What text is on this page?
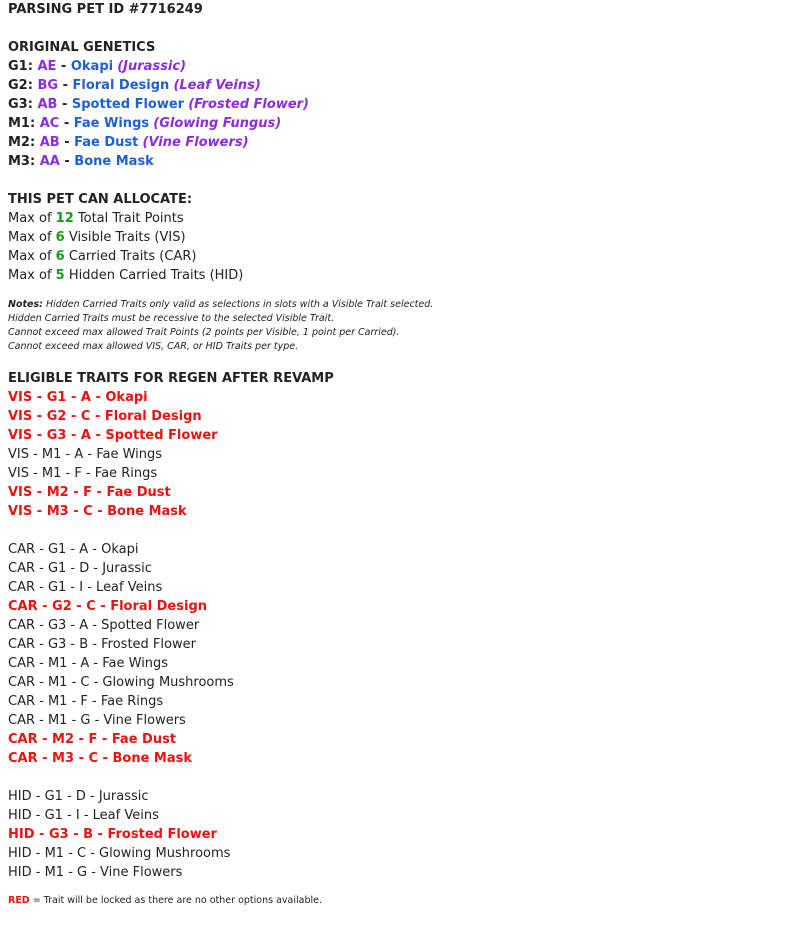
PARSING PET ID #7716249
ORIGINAL GENETICS
G1: AE - Okapi (Jurassic)
G2: BG - Floral Design (Leaf Veins)
G3: AB - Spotted Flower (Frosted Flower)
M1: AC - Fae Wings (Glowing Fungus)
M2: AB - Fae Dust (Vine Flowers)
M3: AA - Bone Mask
THIS PET CAN ALLOCATE:
Max of 12 Total Trait Points
Max of 6 Visible Traits (VIS)
Max of 6 Carried Traits (CAR)
Max of 5 Hidden Carried Traits (HID)
Notes: Hidden Carried Traits only valid as selections in slots with a Visible Trait selected.
Hidden Carried Traits must be recessive to the selected Visible Trait.
Cannot exceed max allowed Trait Points (2 points per Visible, 1 point per Carried).
Cannot exceed max allowed VIS, CAR, or HID Traits per type.
ELIGIBLE TRAITS FOR REGEN AFTER REVAMP
VIS - G1 - A - Okapi
VIS - G2 - C - Floral Design
VIS - G3 - A - Spotted Flower
VIS - M1 - A - Fae Wings
VIS - M1 - F - Fae Rings
VIS - M2 - F - Fae Dust
VIS - M3 - C - Bone Mask
CAR - G1 - A - Okapi
CAR - G1 - D - Jurassic
CAR - G1 - I - Leaf Veins
CAR - G2 - C - Floral Design
CAR - G3 - A - Spotted Flower
CAR - G3 - B - Frosted Flower
CAR - M1 - A - Fae Wings
CAR - M1 - C - Glowing Mushrooms
CAR - M1 - F - Fae Rings
CAR - M1 - G - Vine Flowers
CAR - M2 - F - Fae Dust
CAR - M3 - C - Bone Mask
HID - G1 - D - Jurassic
HID - G1 - I - Leaf Veins
HID - G3 - B - Frosted Flower
HID - M1 - C - Glowing Mushrooms
HID - M1 - G - Vine Flowers
RED = Trait will be locked as there are no other options available.
